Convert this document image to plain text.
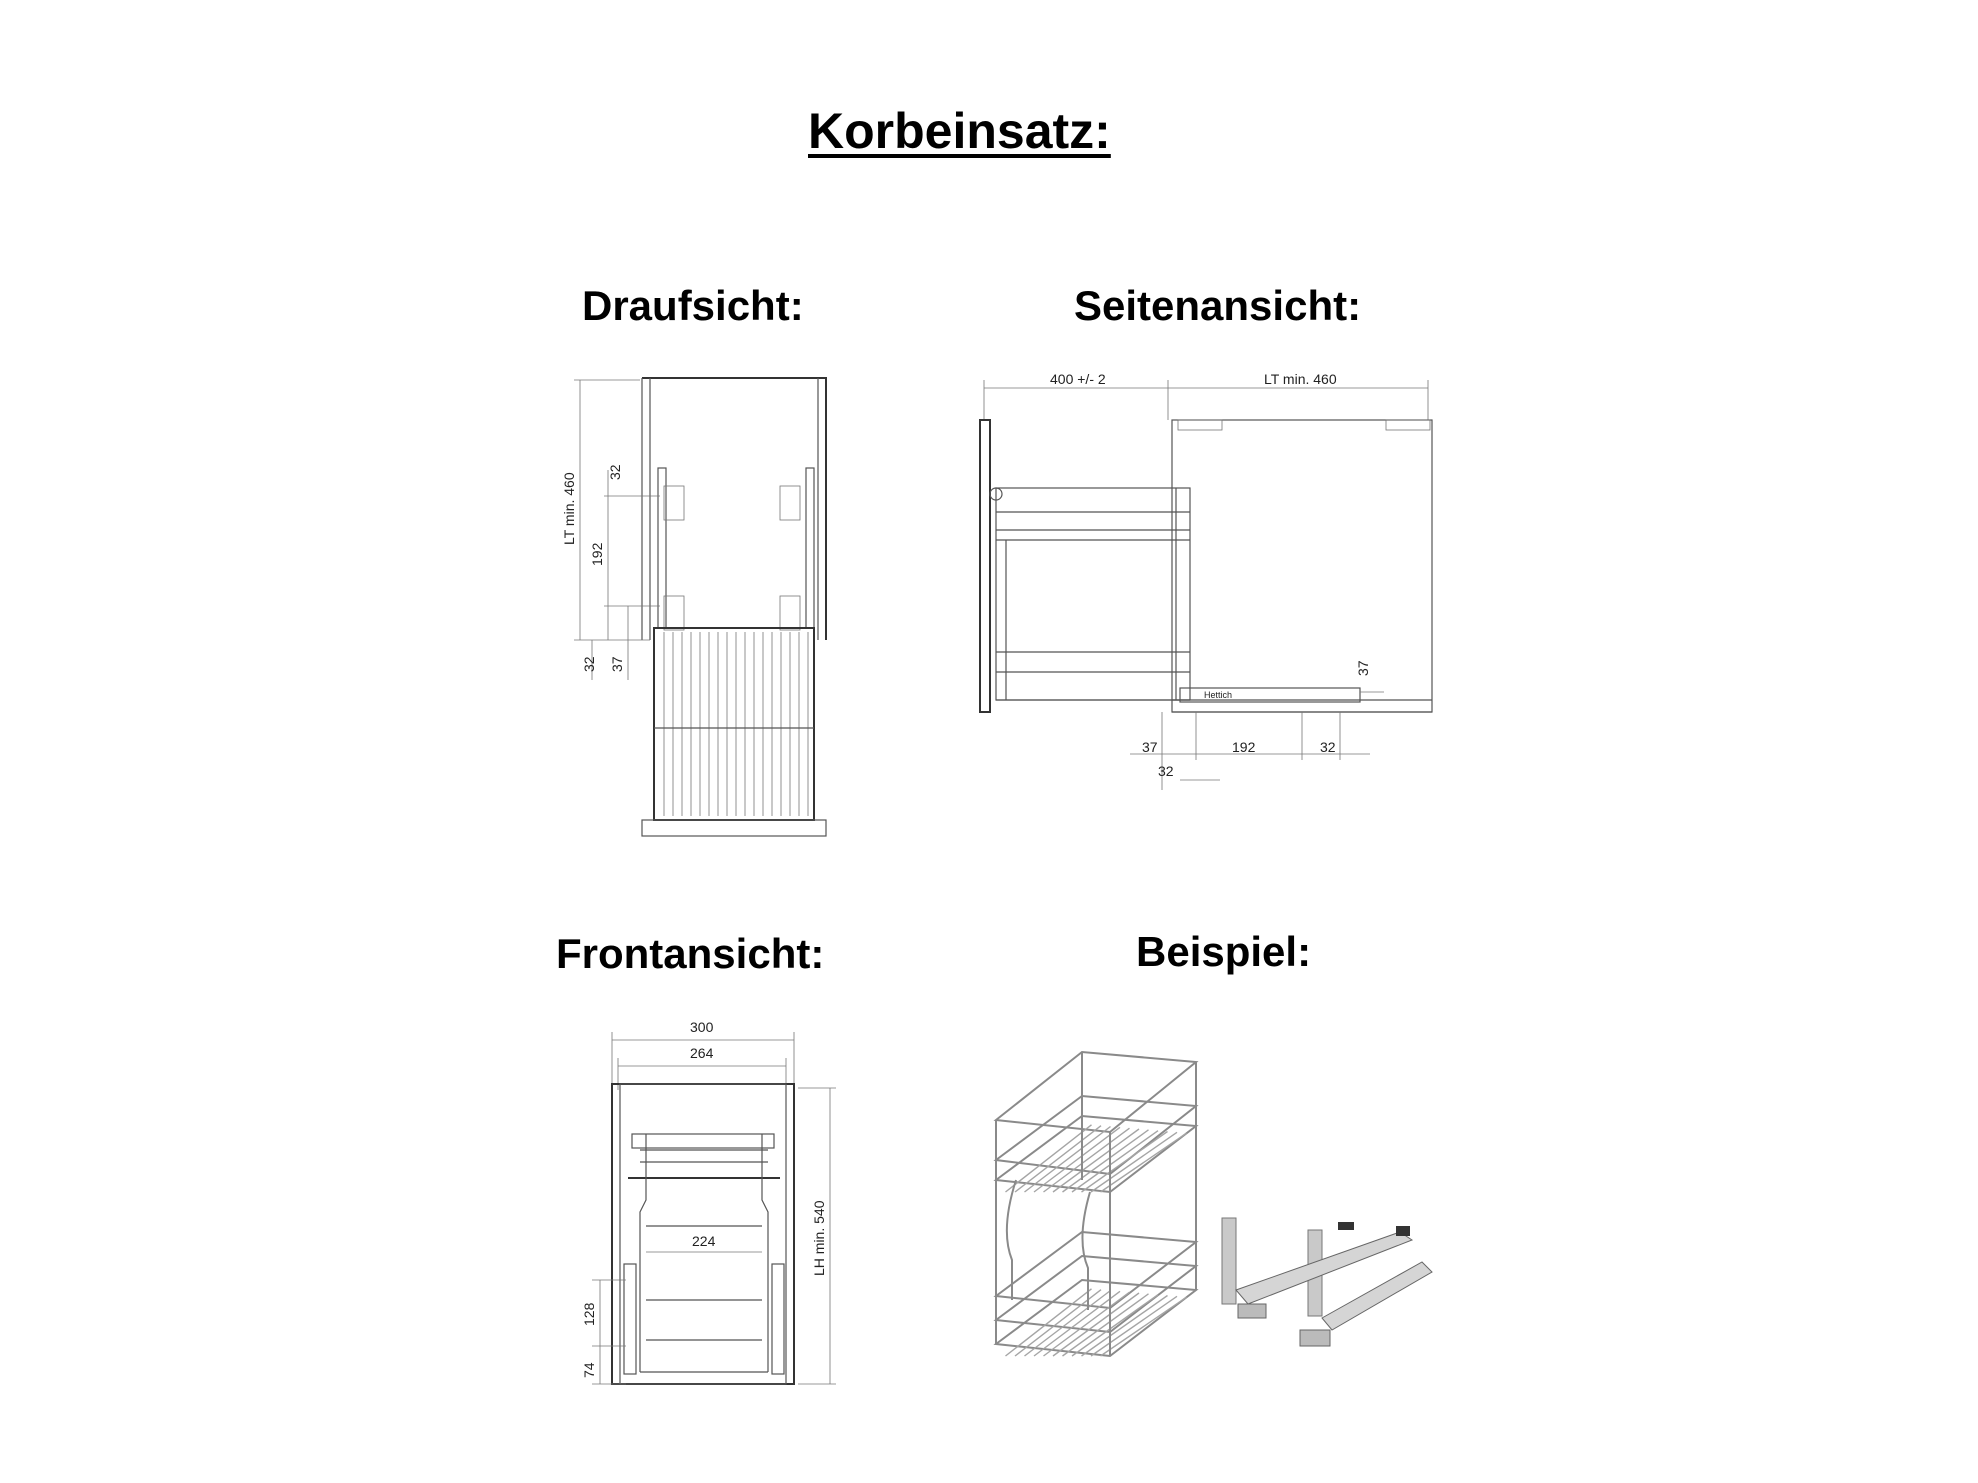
Korbeinsatz:
Draufsicht:	Seitenansicht:
Frontansicht:	Beispiel:
LT min. 460
32
192
32 37
400 +/- 2	LT min. 460
Hettich
37	192	32
32
37
300
264
224	LH min. 540
128
74
